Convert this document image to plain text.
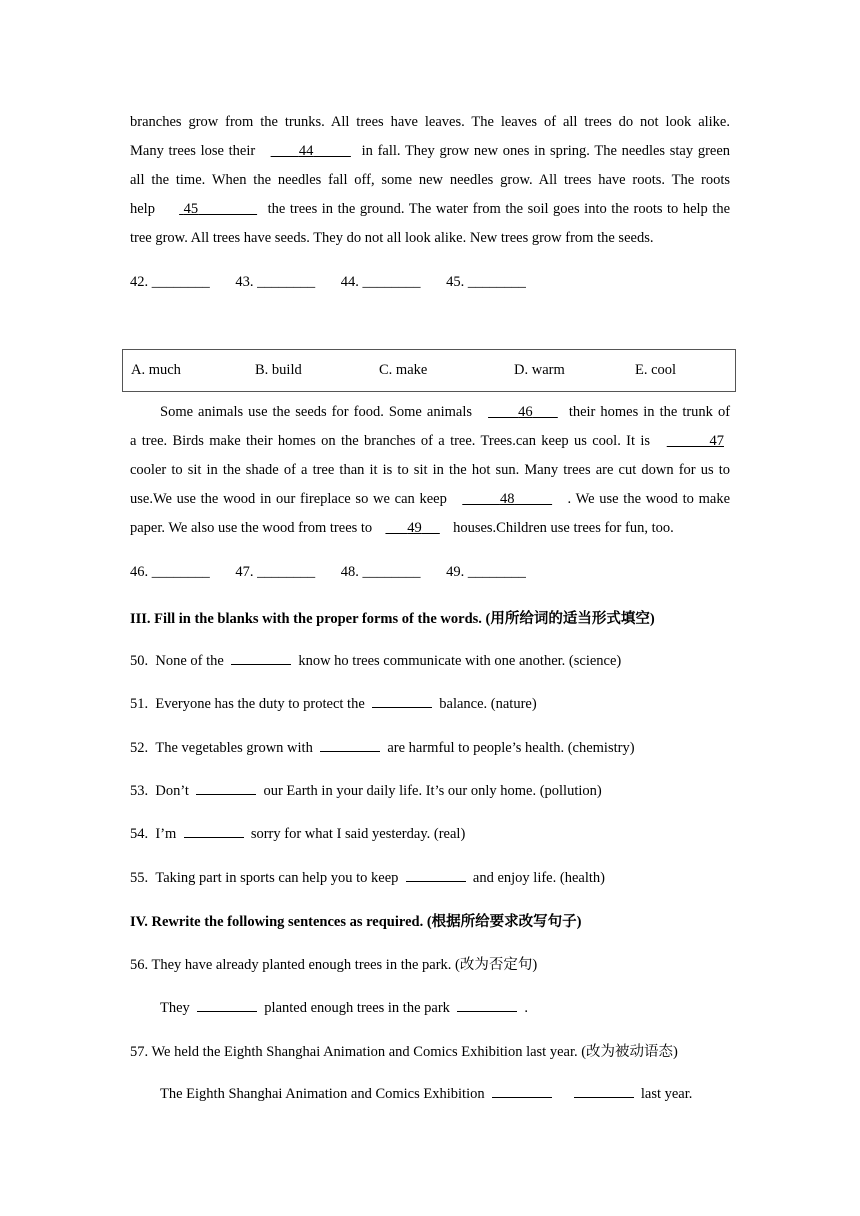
branches grow from the trunks. All trees have leaves. The leaves of all trees do not look alike.
Many trees lose their	44	in fall. They grow new ones in spring. The needles stay green
all the time. When the needles fall off, some new needles grow. All trees have roots. The roots
help 45	the trees in the ground. The water from the soil goes into the roots to help the
tree grow. All trees have seeds. They do not all look alike. New trees grow from the seeds.
42. ________ 43. ________ 44. ________ 45. ________
A. much	B. build	C. make	D. warm	E. cool
Some animals use the seeds for food. Some animals	46 their homes in the trunk of
a tree. Birds make their homes on the branches of a tree. Trees.can keep us cool. It is	47
cooler to sit in the shade of a tree than it is to sit in the hot sun. Many trees are cut down for us to
use.We use the wood in our fireplace so we can keep	48	. We use the wood to make
paper. We also use the wood from trees to 49 houses.Children use trees for fun, too.
46. ________ 47. ________ 48. ________ 49. ________
III. Fill in the blanks with the proper forms of the words. (用所给词的适当形式填空)
50. None of the	know ho trees communicate with one another. (science)
51. Everyone has the duty to protect the	balance. (nature)
52. The vegetables grown with	are harmful to people’s health. (chemistry)
53. Don’t	our Earth in your daily life. It’s our only home. (pollution)
54. I’m	sorry for what I said yesterday. (real)
55. Taking part in sports can help you to keep	and enjoy life. (health)
IV. Rewrite the following sentences as required. (根据所给要求改写句子)
56. They have already planted enough trees in the park. (改为否定句)
They	planted enough trees in the park	.
57. We held the Eighth Shanghai Animation and Comics Exhibition last year. (改为被动语态)
The Eighth Shanghai Animation and Comics Exhibition	last year.
